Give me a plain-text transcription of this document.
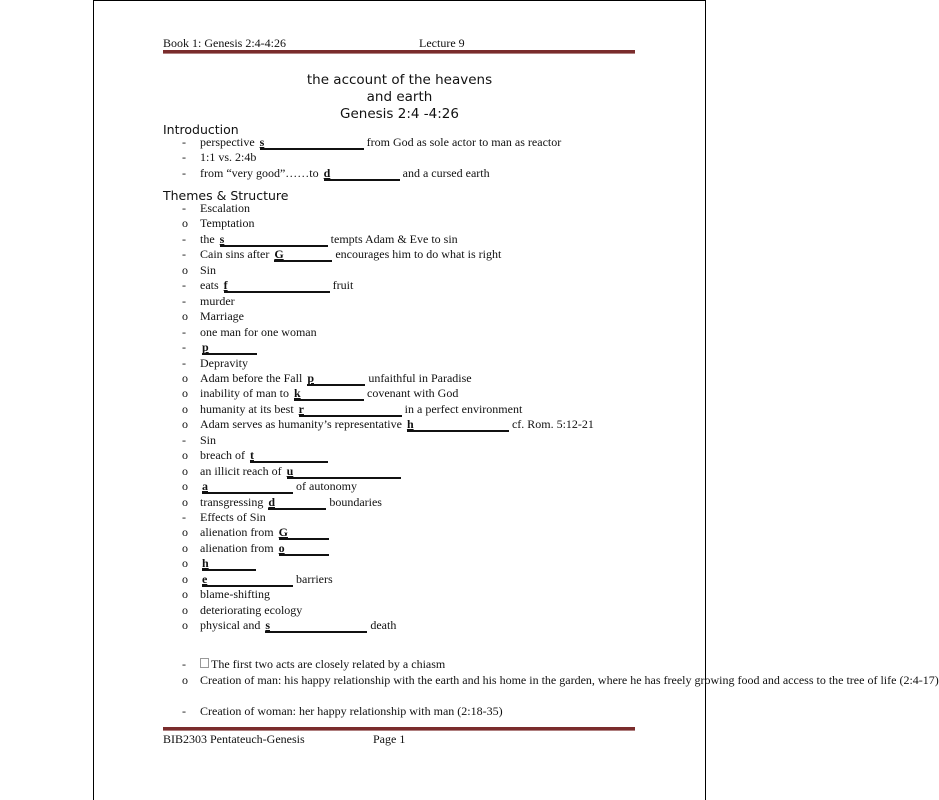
Book 1: Genesis 2:4-4:26	Lecture 9
the account of the heavens
and earth
Genesis 2:4 -4:26
Introduction
-	perspective s	from God as sole actor to man as reactor
-	1:1 vs. 2:4b
-	from “very good”……to d	and a cursed earth
Themes & Structure
-	Escalation
o	Temptation
-	the s	tempts Adam & Eve to sin
-	Cain sins after G	encourages him to do what is right
o	Sin
-	eats f	fruit
-	murder
o	Marriage
-	one man for one woman
-	p
-	Depravity
o	Adam before the Fall p	unfaithful in Paradise
o	inability of man to k	covenant with God
o	humanity at its best r	in a perfect environment
o	Adam serves as humanity’s representative h	cf. Rom. 5:12-21
-	Sin
o	breach of t
o	an illicit reach of u
o	a	of autonomy
o	transgressing d	boundaries
-	Effects of Sin
o	alienation from G
o	alienation from o
o	h
o	e	barriers
o	blame-shifting
o	deteriorating ecology
o	physical and s	death
-	The first two acts are closely related by a chiasm
o	Creation of man: his happy relationship with the earth and his home in the garden, where he has freely growing food and access to the tree of life (2:4-17)
-	Creation of woman: her happy relationship with man (2:18-35)
BIB2303 Pentateuch-Genesis	Page 1
